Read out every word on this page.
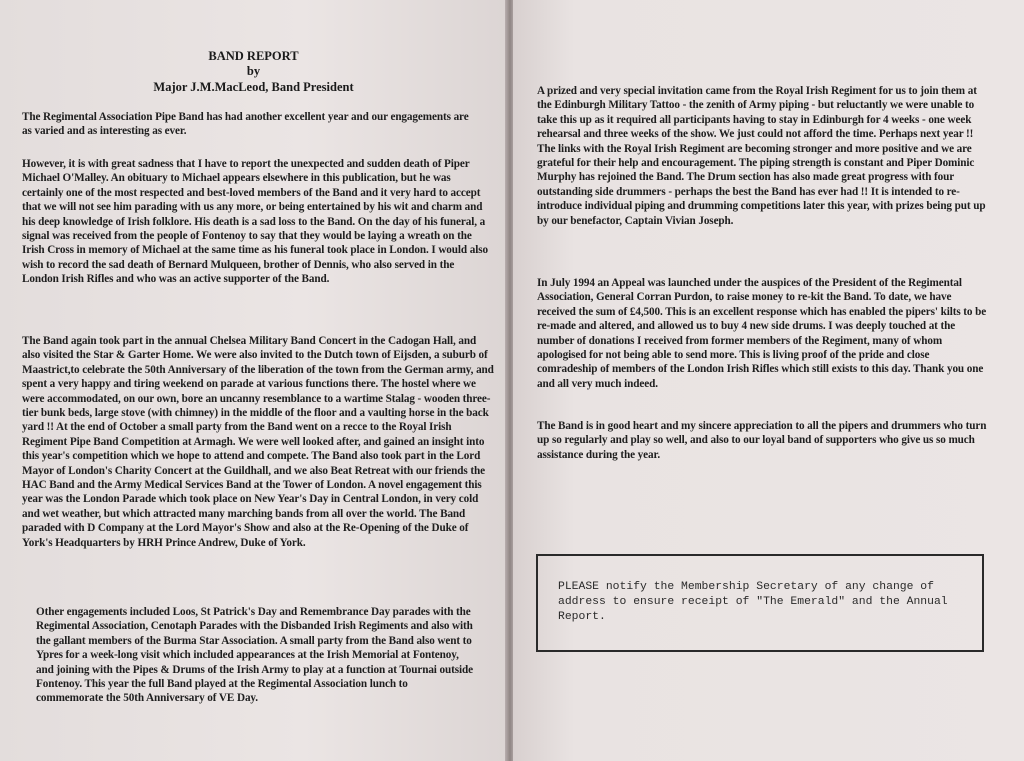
BAND REPORT
by
Major J.M.MacLeod, Band President
The Regimental Association Pipe Band has had another excellent year and our engagements are as varied and as interesting as ever.
However, it is with great sadness that I have to report the unexpected and sudden death of Piper Michael O'Malley. An obituary to Michael appears elsewhere in this publication, but he was certainly one of the most respected and best-loved members of the Band and it very hard to accept that we will not see him parading with us any more, or being entertained by his wit and charm and his deep knowledge of Irish folklore. His death is a sad loss to the Band. On the day of his funeral, a signal was received from the people of Fontenoy to say that they would be laying a wreath on the Irish Cross in memory of Michael at the same time as his funeral took place in London. I would also wish to record the sad death of Bernard Mulqueen, brother of Dennis, who also served in the London Irish Rifles and who was an active supporter of the Band.
The Band again took part in the annual Chelsea Military Band Concert in the Cadogan Hall, and also visited the Star & Garter Home. We were also invited to the Dutch town of Eijsden, a suburb of Maastrict,to celebrate the 50th Anniversary of the liberation of the town from the German army, and spent a very happy and tiring weekend on parade at various functions there. The hostel where we were accommodated, on our own, bore an uncanny resemblance to a wartime Stalag - wooden three-tier bunk beds, large stove (with chimney) in the middle of the floor and a vaulting horse in the back yard !! At the end of October a small party from the Band went on a recce to the Royal Irish Regiment Pipe Band Competition at Armagh. We were well looked after, and gained an insight into this year's competition which we hope to attend and compete. The Band also took part in the Lord Mayor of London's Charity Concert at the Guildhall, and we also Beat Retreat with our friends the HAC Band and the Army Medical Services Band at the Tower of London. A novel engagement this year was the London Parade which took place on New Year's Day in Central London, in very cold and wet weather, but which attracted many marching bands from all over the world. The Band paraded with D Company at the Lord Mayor's Show and also at the Re-Opening of the Duke of York's Headquarters by HRH Prince Andrew, Duke of York.
Other engagements included Loos, St Patrick's Day and Remembrance Day parades with the Regimental Association, Cenotaph Parades with the Disbanded Irish Regiments and also with the gallant members of the Burma Star Association. A small party from the Band also went to Ypres for a week-long visit which included appearances at the Irish Memorial at Fontenoy, and joining with the Pipes & Drums of the Irish Army to play at a function at Tournai outside Fontenoy. This year the full Band played at the Regimental Association lunch to commemorate the 50th Anniversary of VE Day.
A prized and very special invitation came from the Royal Irish Regiment for us to join them at the Edinburgh Military Tattoo - the zenith of Army piping - but reluctantly we were unable to take this up as it required all participants having to stay in Edinburgh for 4 weeks - one week rehearsal and three weeks of the show. We just could not afford the time. Perhaps next year !! The links with the Royal Irish Regiment are becoming stronger and more positive and we are grateful for their help and encouragement. The piping strength is constant and Piper Dominic Murphy has rejoined the Band. The Drum section has also made great progress with four outstanding side drummers - perhaps the best the Band has ever had !! It is intended to re-introduce individual piping and drumming competitions later this year, with prizes being put up by our benefactor, Captain Vivian Joseph.
In July 1994 an Appeal was launched under the auspices of the President of the Regimental Association, General Corran Purdon, to raise money to re-kit the Band. To date, we have received the sum of £4,500. This is an excellent response which has enabled the pipers' kilts to be re-made and altered, and allowed us to buy 4 new side drums. I was deeply touched at the number of donations I received from former members of the Regiment, many of whom apologised for not being able to send more. This is living proof of the pride and close comradeship of members of the London Irish Rifles which still exists to this day. Thank you one and all very much indeed.
The Band is in good heart and my sincere appreciation to all the pipers and drummers who turn up so regularly and play so well, and also to our loyal band of supporters who give us so much assistance during the year.
PLEASE notify the Membership Secretary of any change of address to ensure receipt of "The Emerald" and the Annual Report.
